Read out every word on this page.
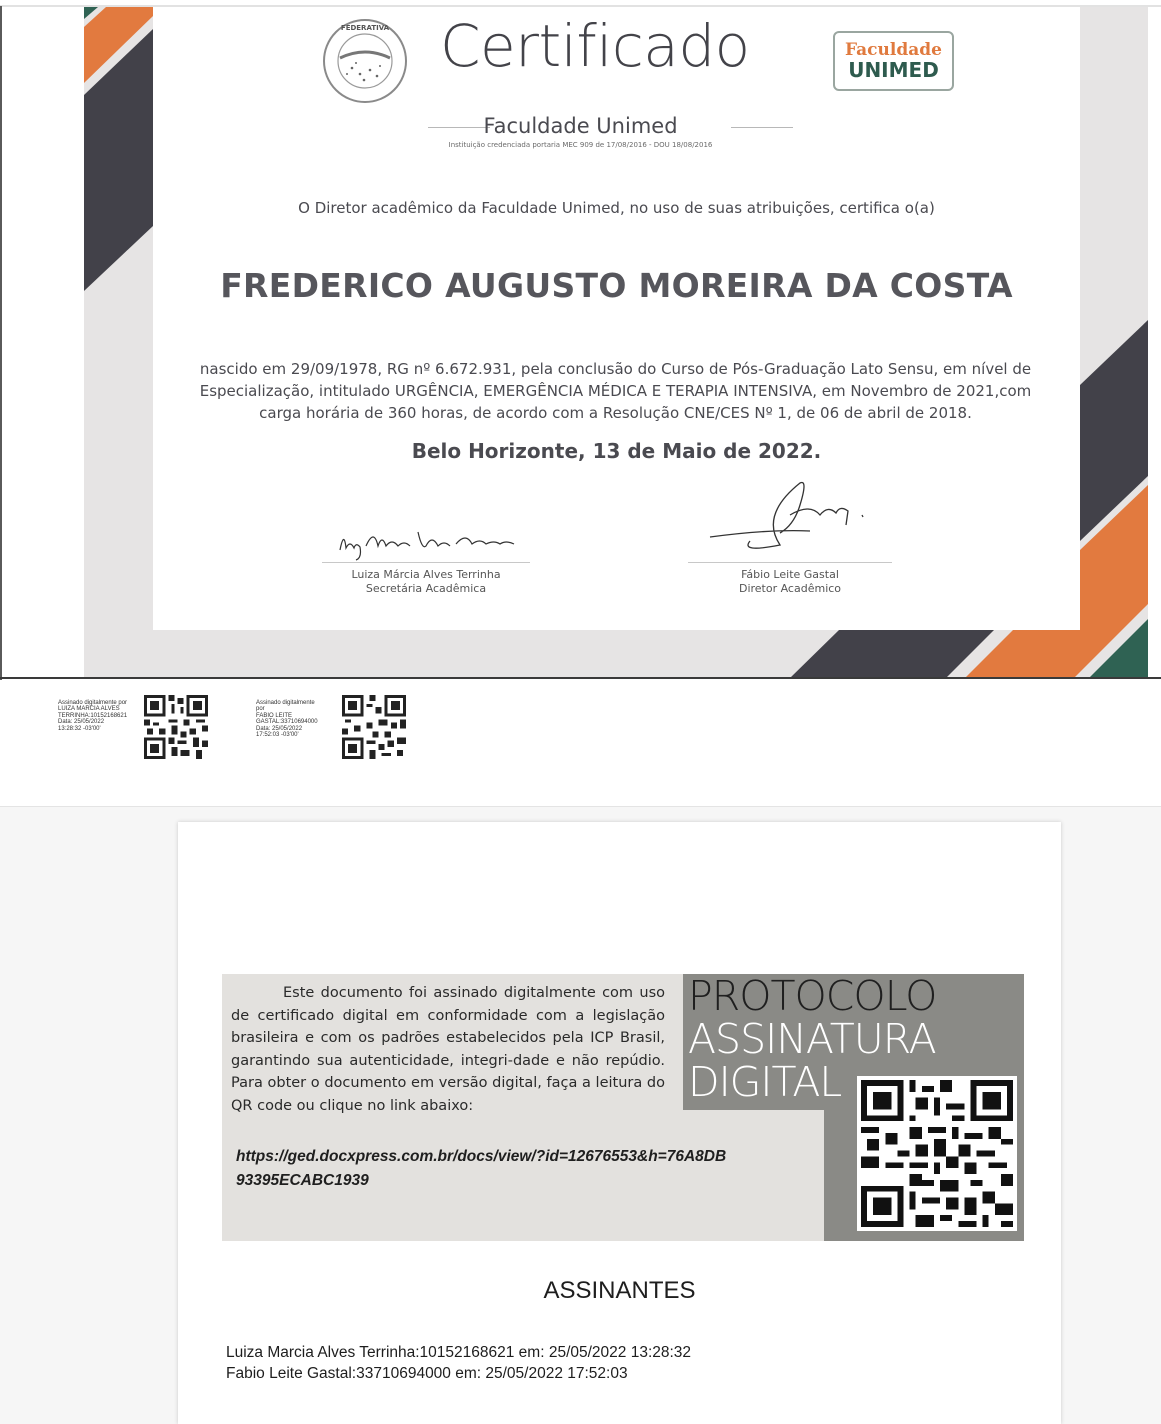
FEDERATIVA Certificado	Faculdade
UNIMED
Faculdade Unimed
Instituição credenciada portaria MEC 909 de 17/08/2016 - DOU 18/08/2016
O Diretor acadêmico da Faculdade Unimed, no uso de suas atribuições, certifica o(a)
FREDERICO AUGUSTO MOREIRA DA COSTA
nascido em 29/09/1978, RG nº 6.672.931, pela conclusão do Curso de Pós-Graduação Lato Sensu, em nível de
Especialização, intitulado URGÊNCIA, EMERGÊNCIA MÉDICA E TERAPIA INTENSIVA, em Novembro de 2021,com
carga horária de 360 horas, de acordo com a Resolução CNE/CES Nº 1, de 06 de abril de 2018.
Belo Horizonte, 13 de Maio de 2022.
Luiza Márcia Alves Terrinha
Secretária Acadêmica
Fábio Leite Gastal
Diretor Acadêmico
Assinado digitalmente por
LUIZA MARCIA ALVES
TERRINHA:10152168621
Data: 25/05/2022
13:28:32 -03'00'
Assinado digitalmente
por
FABIO LEITE
GASTAL:33710694000
Data: 25/05/2022
17:52:03 -03'00'
Este documento foi assinado digitalmente com uso de certificado digital em conformidade com a legislação brasileira e com os padrões estabelecidos pela ICP Brasil, garantindo sua autenticidade, integri-dade e não repúdio. Para obter o documento em versão digital, faça a leitura do QR code ou clique no link abaixo:
https://ged.docxpress.com.br/docs/view/?id=12676553&h=76A8DB
93395ECABC1939
PROTOCOLO
ASSINATURA
DIGITAL
ASSINANTES
Luiza Marcia Alves Terrinha:10152168621 em: 25/05/2022 13:28:32
Fabio Leite Gastal:33710694000 em: 25/05/2022 17:52:03
